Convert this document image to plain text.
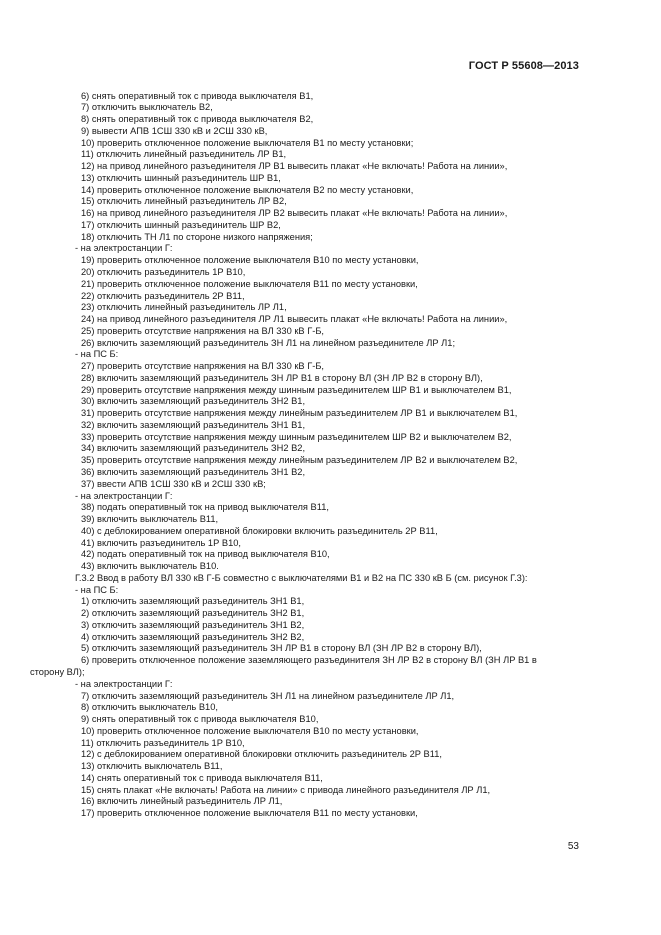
ГОСТ Р 55608—2013
6) снять оперативный ток с привода выключателя В1,
7) отключить выключатель В2,
8) снять оперативный ток с привода выключателя В2,
9) вывести АПВ 1СШ 330 кВ и 2СШ 330 кВ,
10) проверить отключенное положение выключателя В1 по месту установки;
11) отключить линейный разъединитель ЛР В1,
12) на привод линейного разъединителя ЛР В1 вывесить плакат «Не включать! Работа на линии»,
13) отключить шинный разъединитель ШР В1,
14) проверить отключенное положение выключателя В2 по месту установки,
15) отключить линейный разъединитель ЛР В2,
16) на привод линейного разъединителя ЛР В2 вывесить плакат «Не включать! Работа на линии»,
17) отключить шинный разъединитель ШР В2,
18) отключить ТН Л1 по стороне низкого напряжения;
- на электростанции Г:
19) проверить отключенное положение выключателя В10 по месту установки,
20) отключить разъединитель 1Р В10,
21) проверить отключенное положение выключателя В11 по месту установки,
22) отключить разъединитель 2Р В11,
23) отключить линейный разъединитель ЛР Л1,
24) на привод линейного разъединителя ЛР Л1 вывесить плакат «Не включать! Работа на линии»,
25) проверить отсутствие напряжения на ВЛ 330 кВ Г-Б,
26) включить заземляющий разъединитель ЗН Л1 на линейном разъединителе ЛР Л1;
- на ПС Б:
27) проверить отсутствие напряжения на ВЛ 330 кВ Г-Б,
28) включить заземляющий разъединитель ЗН ЛР В1 в сторону ВЛ (ЗН ЛР В2 в сторону ВЛ),
29) проверить отсутствие напряжения между шинным разъединителем ШР В1 и выключателем В1,
30) включить заземляющий разъединитель ЗН2 В1,
31) проверить отсутствие напряжения между линейным разъединителем ЛР В1 и выключателем В1,
32) включить заземляющий разъединитель ЗН1 В1,
33) проверить отсутствие напряжения между шинным разъединителем ШР В2 и выключателем В2,
34) включить заземляющий разъединитель ЗН2 В2,
35) проверить отсутствие напряжения между линейным разъединителем ЛР В2 и выключателем В2,
36) включить заземляющий разъединитель ЗН1 В2,
37) ввести АПВ 1СШ 330 кВ и 2СШ 330 кВ;
- на электростанции Г:
38) подать оперативный ток на привод выключателя В11,
39) включить выключатель В11,
40) с деблокированием оперативной блокировки включить разъединитель 2Р В11,
41) включить разъединитель 1Р В10,
42) подать оперативный ток на привод выключателя В10,
43) включить выключатель В10.
Г.3.2 Ввод в работу ВЛ 330 кВ Г-Б совместно с выключателями В1 и В2 на ПС 330 кВ Б (см. рисунок Г.3):
- на ПС Б:
1) отключить заземляющий разъединитель ЗН1 В1,
2) отключить заземляющий разъединитель ЗН2 В1,
3) отключить заземляющий разъединитель ЗН1 В2,
4) отключить заземляющий разъединитель ЗН2 В2,
5) отключить заземляющий разъединитель ЗН ЛР В1 в сторону ВЛ (ЗН ЛР В2 в сторону ВЛ),
6) проверить отключенное положение заземляющего разъединителя ЗН ЛР В2 в сторону ВЛ (ЗН ЛР В1 в
сторону ВЛ);
- на электростанции Г:
7) отключить заземляющий разъединитель ЗН Л1 на линейном разъединителе ЛР Л1,
8) отключить выключатель В10,
9) снять оперативный ток с привода выключателя В10,
10) проверить отключенное положение выключателя В10 по месту установки,
11) отключить разъединитель 1Р В10,
12) с деблокированием оперативной блокировки отключить разъединитель 2Р В11,
13) отключить выключатель В11,
14) снять оперативный ток с привода выключателя В11,
15) снять плакат «Не включать! Работа на линии» с привода линейного разъединителя ЛР Л1,
16) включить линейный разъединитель ЛР Л1,
17) проверить отключенное положение выключателя В11 по месту установки,
53
